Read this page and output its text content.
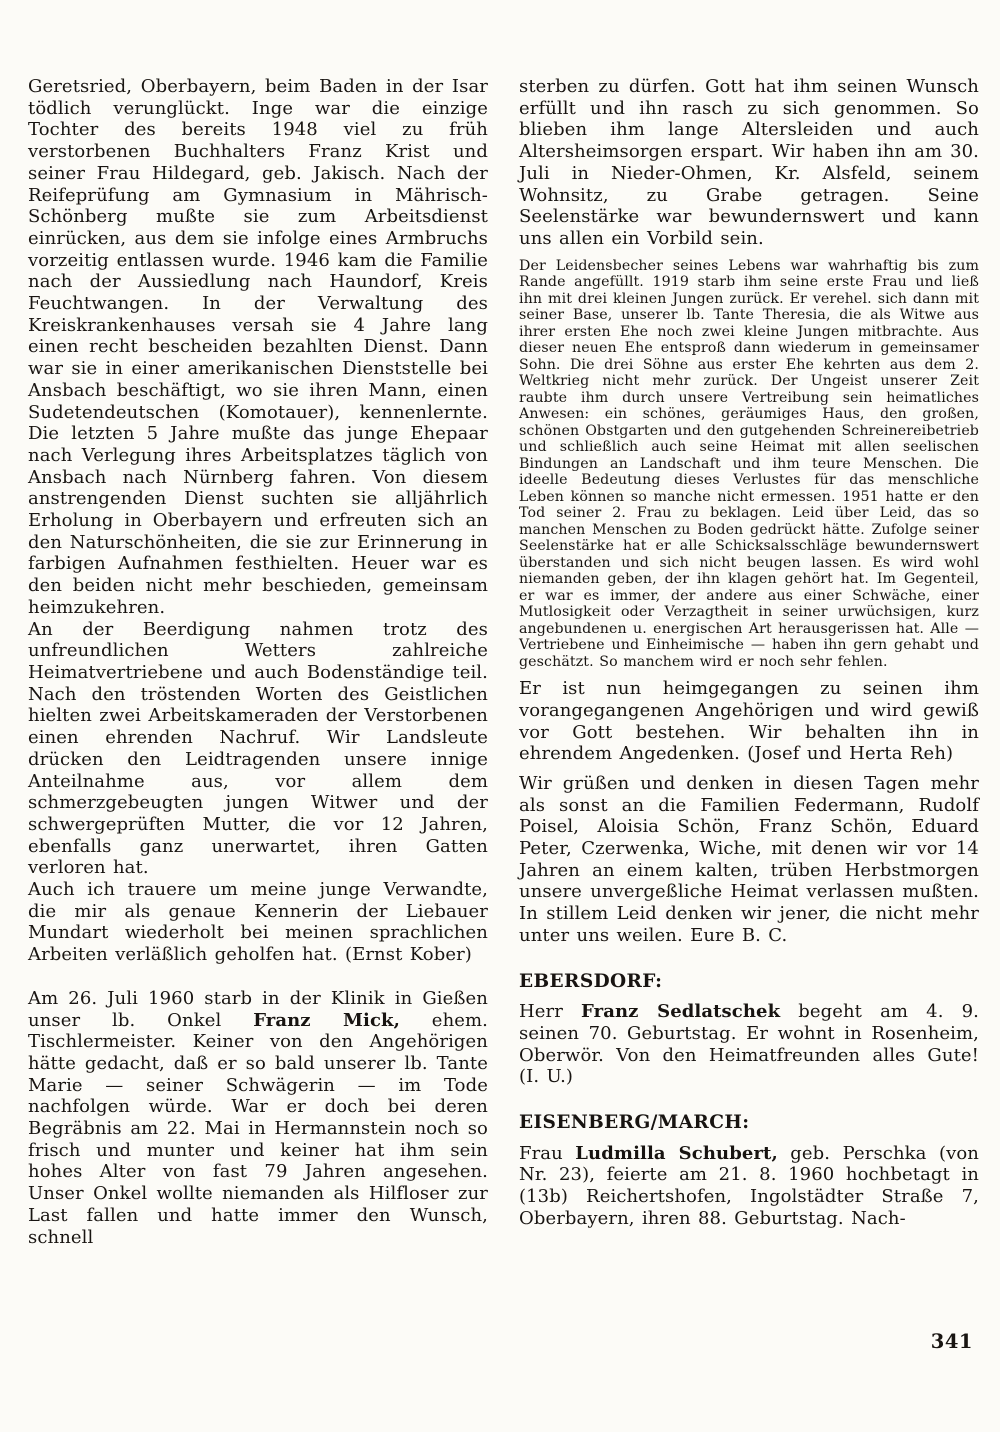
Geretsried, Oberbayern, beim Baden in der Isar tödlich verunglückt. Inge war die einzige Tochter des bereits 1948 viel zu früh verstorbenen Buchhalters Franz Krist und seiner Frau Hildegard, geb. Jakisch. Nach der Reifeprüfung am Gymnasium in Mährisch-Schönberg mußte sie zum Arbeitsdienst einrücken, aus dem sie infolge eines Armbruchs vorzeitig entlassen wurde. 1946 kam die Familie nach der Aussiedlung nach Haundorf, Kreis Feuchtwangen. In der Verwaltung des Kreiskrankenhauses versah sie 4 Jahre lang einen recht bescheiden bezahlten Dienst. Dann war sie in einer amerikanischen Dienststelle bei Ansbach beschäftigt, wo sie ihren Mann, einen Sudetendeutschen (Komotauer), kennenlernte. Die letzten 5 Jahre mußte das junge Ehepaar nach Verlegung ihres Arbeitsplatzes täglich von Ansbach nach Nürnberg fahren. Von diesem anstrengenden Dienst suchten sie alljährlich Erholung in Oberbayern und erfreuten sich an den Naturschönheiten, die sie zur Erinnerung in farbigen Aufnahmen festhielten. Heuer war es den beiden nicht mehr beschieden, gemeinsam heimzukehren.

An der Beerdigung nahmen trotz des unfreundlichen Wetters zahlreiche Heimatvertriebene und auch Bodenständige teil. Nach den tröstenden Worten des Geistlichen hielten zwei Arbeitskameraden der Verstorbenen einen ehrenden Nachruf. Wir Landsleute drücken den Leidtragenden unsere innige Anteilnahme aus, vor allem dem schmerzgebeugten jungen Witwer und der schwergeprüften Mutter, die vor 12 Jahren, ebenfalls ganz unerwartet, ihren Gatten verloren hat.

Auch ich trauere um meine junge Verwandte, die mir als genaue Kennerin der Liebauer Mundart wiederholt bei meinen sprachlichen Arbeiten verläßlich geholfen hat. (Ernst Kober)

Am 26. Juli 1960 starb in der Klinik in Gießen unser lb. Onkel Franz Mick, ehem. Tischlermeister. Keiner von den Angehörigen hätte gedacht, daß er so bald unserer lb. Tante Marie — seiner Schwägerin — im Tode nachfolgen würde. War er doch bei deren Begräbnis am 22. Mai in Hermannstein noch so frisch und munter und keiner hat ihm sein hohes Alter von fast 79 Jahren angesehen. Unser Onkel wollte niemanden als Hilfloser zur Last fallen und hatte immer den Wunsch, schnell

sterben zu dürfen. Gott hat ihm seinen Wunsch erfüllt und ihn rasch zu sich genommen. So blieben ihm lange Altersleiden und auch Altersheimsorgen erspart. Wir haben ihn am 30. Juli in Nieder-Ohmen, Kr. Alsfeld, seinem Wohnsitz, zu Grabe getragen. Seine Seelenstärke war bewundernswert und kann uns allen ein Vorbild sein.

Der Leidensbecher seines Lebens war wahrhaftig bis zum Rande angefüllt. 1919 starb ihm seine erste Frau und ließ ihn mit drei kleinen Jungen zurück. Er verehel. sich dann mit seiner Base, unserer lb. Tante Theresia, die als Witwe aus ihrer ersten Ehe noch zwei kleine Jungen mitbrachte. Aus dieser neuen Ehe entsproß dann wiederum in gemeinsamer Sohn. Die drei Söhne aus erster Ehe kehrten aus dem 2. Weltkrieg nicht mehr zurück. Der Ungeist unserer Zeit raubte ihm durch unsere Vertreibung sein heimatliches Anwesen: ein schönes, geräumiges Haus, den großen, schönen Obstgarten und den gutgehenden Schreinereibetrieb und schließlich auch seine Heimat mit allen seelischen Bindungen an Landschaft und ihm teure Menschen. Die ideelle Bedeutung dieses Verlustes für das menschliche Leben können so manche nicht ermessen. 1951 hatte er den Tod seiner 2. Frau zu beklagen. Leid über Leid, das so manchen Menschen zu Boden gedrückt hätte. Zufolge seiner Seelenstärke hat er alle Schicksalsschläge bewundernswert überstanden und sich nicht beugen lassen. Es wird wohl niemanden geben, der ihn klagen gehört hat. Im Gegenteil, er war es immer, der andere aus einer Schwäche, einer Mutlosigkeit oder Verzagtheit in seiner urwüchsigen, kurz angebundenen u. energischen Art herausgerissen hat. Alle — Vertriebene und Einheimische — haben ihn gern gehabt und geschätzt. So manchem wird er noch sehr fehlen.

Er ist nun heimgegangen zu seinen ihm vorangegangenen Angehörigen und wird gewiß vor Gott bestehen. Wir behalten ihn in ehrendem Angedenken. (Josef und Herta Reh)

Wir grüßen und denken in diesen Tagen mehr als sonst an die Familien Federmann, Rudolf Poisel, Aloisia Schön, Franz Schön, Eduard Peter, Czerwenka, Wiche, mit denen wir vor 14 Jahren an einem kalten, trüben Herbstmorgen unsere unvergeßliche Heimat verlassen mußten. In stillem Leid denken wir jener, die nicht mehr unter uns weilen. Eure B. C.

EBERSDORF:

Herr Franz Sedlatschek begeht am 4. 9. seinen 70. Geburtstag. Er wohnt in Rosenheim, Oberwör. Von den Heimatfreunden alles Gute! (I. U.)

EISENBERG/MARCH:

Frau Ludmilla Schubert, geb. Perschka (von Nr. 23), feierte am 21. 8. 1960 hochbetagt in (13b) Reichertshofen, Ingolstädter Straße 7, Oberbayern, ihren 88. Geburtstag. Nach-

341
